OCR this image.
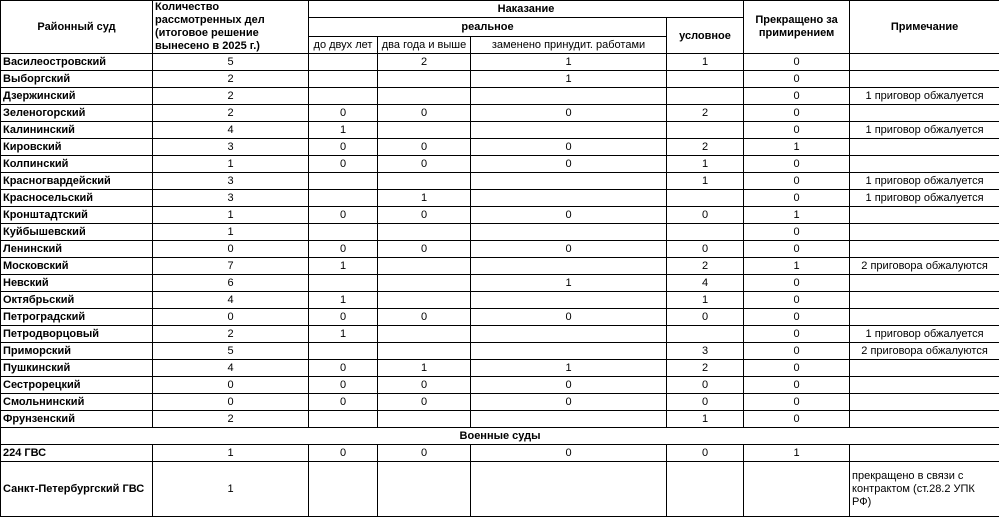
Районный суд	Количество рассмотренных дел (итоговое решение вынесено в 2025 г.)	Наказание				Прекращено за примирением	Примечание
		реальное			условное		
		до двух лет	два года и выше	заменено принудит. работами			
Василеостровский	5		2	1	1	0	
Выборгский	2			1		0	
Дзержинский	2					0	1 приговор обжалуется
Зеленогорский	2	0	0	0	2	0	
Калининский	4	1				0	1 приговор обжалуется
Кировский	3	0	0	0	2	1	
Колпинский	1	0	0	0	1	0	
Красногвардейский	3				1	0	1 приговор обжалуется
Красносельский	3		1			0	1 приговор обжалуется
Кронштадтский	1	0	0	0	0	1	
Куйбышевский	1					0	
Ленинский	0	0	0	0	0	0	
Московский	7	1			2	1	2 приговора обжалуются
Невский	6			1	4	0	
Октябрьский	4	1			1	0	
Петроградский	0	0	0	0	0	0	
Петродворцовый	2	1				0	1 приговор обжалуется
Приморский	5				3	0	2 приговора обжалуются
Пушкинский	4	0	1	1	2	0	
Сестрорецкий	0	0	0	0	0	0	
Смольнинский	0	0	0	0	0	0	
Фрунзенский	2				1	0	
Военные суды							
224 ГВС	1	0	0	0	0	1	
Санкт-Петербургский ГВС	1						прекращено в связи с контрактом (ст.28.2 УПК РФ)
